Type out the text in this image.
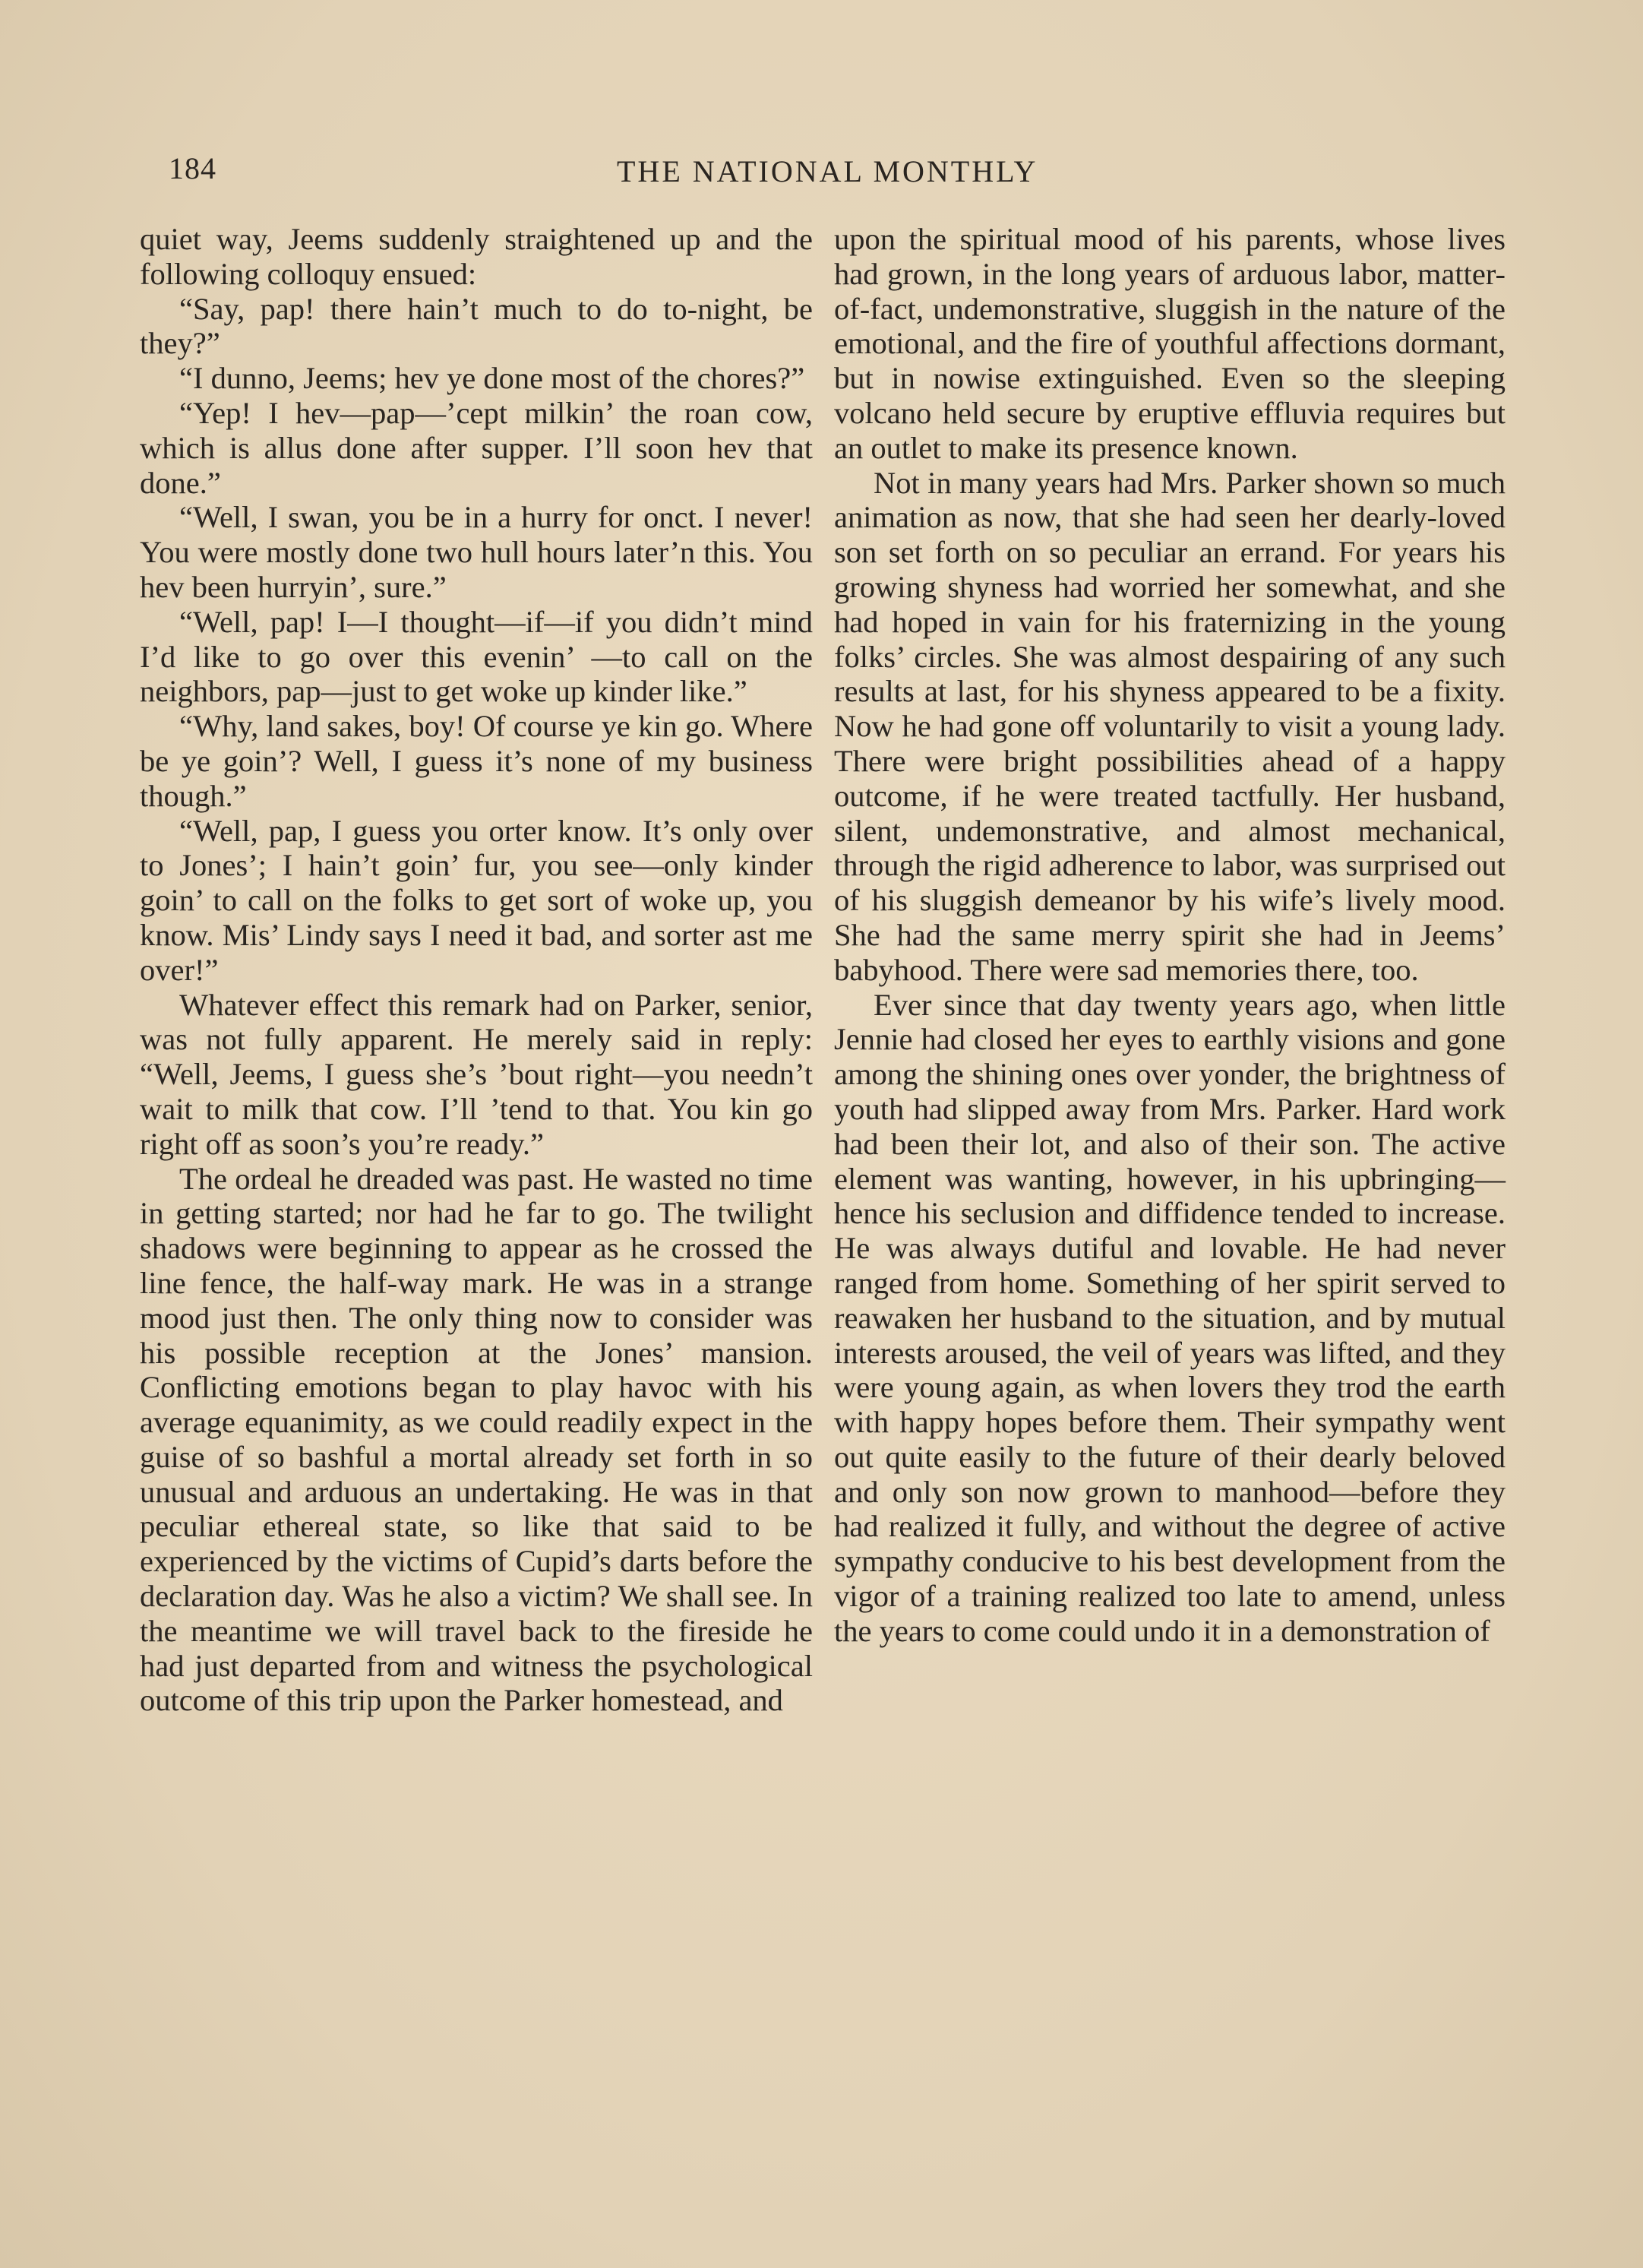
184	THE NATIONAL MONTHLY

quiet way, Jeems suddenly straightened up and the following colloquy ensued:

“Say, pap! there hain’t much to do to-night, be they?”

“I dunno, Jeems; hev ye done most of the chores?”

“Yep! I hev—pap—’cept milkin’ the roan cow, which is allus done after supper. I’ll soon hev that done.”

“Well, I swan, you be in a hurry for onct. I never! You were mostly done two hull hours later’n this. You hev been hurryin’, sure.”

“Well, pap! I—I thought—if—if you didn’t mind I’d like to go over this evenin’ —to call on the neighbors, pap—just to get woke up kinder like.”

“Why, land sakes, boy! Of course ye kin go. Where be ye goin’? Well, I guess it’s none of my business though.”

“Well, pap, I guess you orter know. It’s only over to Jones’; I hain’t goin’ fur, you see—only kinder goin’ to call on the folks to get sort of woke up, you know. Mis’ Lindy says I need it bad, and sorter ast me over!”

Whatever effect this remark had on Parker, senior, was not fully apparent. He merely said in reply: “Well, Jeems, I guess she’s ’bout right—you needn’t wait to milk that cow. I’ll ’tend to that. You kin go right off as soon’s you’re ready.”

The ordeal he dreaded was past. He wasted no time in getting started; nor had he far to go. The twilight shadows were beginning to appear as he crossed the line fence, the half-way mark. He was in a strange mood just then. The only thing now to consider was his possible reception at the Jones’ mansion. Conflicting emotions began to play havoc with his average equanimity, as we could readily expect in the guise of so bashful a mortal already set forth in so unusual and arduous an undertaking. He was in that peculiar ethereal state, so like that said to be experienced by the victims of Cupid’s darts before the declaration day. Was he also a victim? We shall see. In the meantime we will travel back to the fireside he had just departed from and witness the psychological outcome of this trip upon the Parker homestead, and

upon the spiritual mood of his parents, whose lives had grown, in the long years of arduous labor, matter-of-fact, undemonstrative, sluggish in the nature of the emotional, and the fire of youthful affections dormant, but in nowise extinguished. Even so the sleeping volcano held secure by eruptive effluvia requires but an outlet to make its presence known.

Not in many years had Mrs. Parker shown so much animation as now, that she had seen her dearly-loved son set forth on so peculiar an errand. For years his growing shyness had worried her somewhat, and she had hoped in vain for his fraternizing in the young folks’ circles. She was almost despairing of any such results at last, for his shyness appeared to be a fixity. Now he had gone off voluntarily to visit a young lady. There were bright possibilities ahead of a happy outcome, if he were treated tactfully. Her husband, silent, undemonstrative, and almost mechanical, through the rigid adherence to labor, was surprised out of his sluggish demeanor by his wife’s lively mood. She had the same merry spirit she had in Jeems’ babyhood. There were sad memories there, too.

Ever since that day twenty years ago, when little Jennie had closed her eyes to earthly visions and gone among the shining ones over yonder, the brightness of youth had slipped away from Mrs. Parker. Hard work had been their lot, and also of their son. The active element was wanting, however, in his upbringing—hence his seclusion and diffidence tended to increase. He was always dutiful and lovable. He had never ranged from home. Something of her spirit served to reawaken her husband to the situation, and by mutual interests aroused, the veil of years was lifted, and they were young again, as when lovers they trod the earth with happy hopes before them. Their sympathy went out quite easily to the future of their dearly beloved and only son now grown to manhood—before they had realized it fully, and without the degree of active sympathy conducive to his best development from the vigor of a training realized too late to amend, unless the years to come could undo it in a demonstration of
